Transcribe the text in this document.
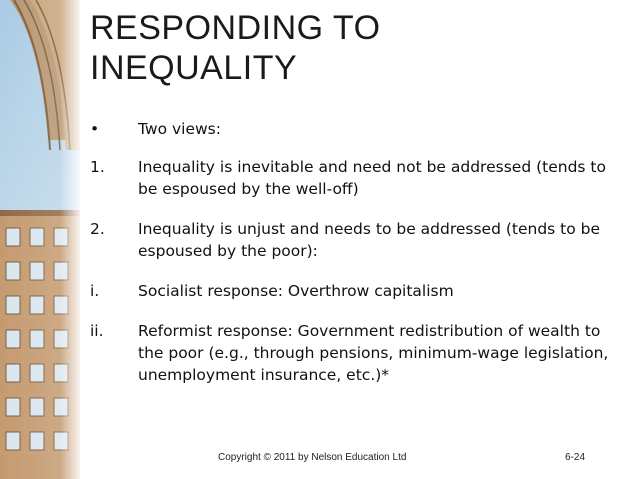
RESPONDING TO
INEQUALITY
•	Two views:
1.	Inequality is inevitable and need not be addressed (tends to be espoused by the well-off)
2.	Inequality is unjust and needs to be addressed (tends to be espoused by the poor):
i.	Socialist response: Overthrow capitalism
ii.	Reformist response: Government redistribution of wealth to the poor (e.g., through pensions, minimum-wage legislation, unemployment insurance, etc.)*
Copyright © 2011 by Nelson Education Ltd	6-24
